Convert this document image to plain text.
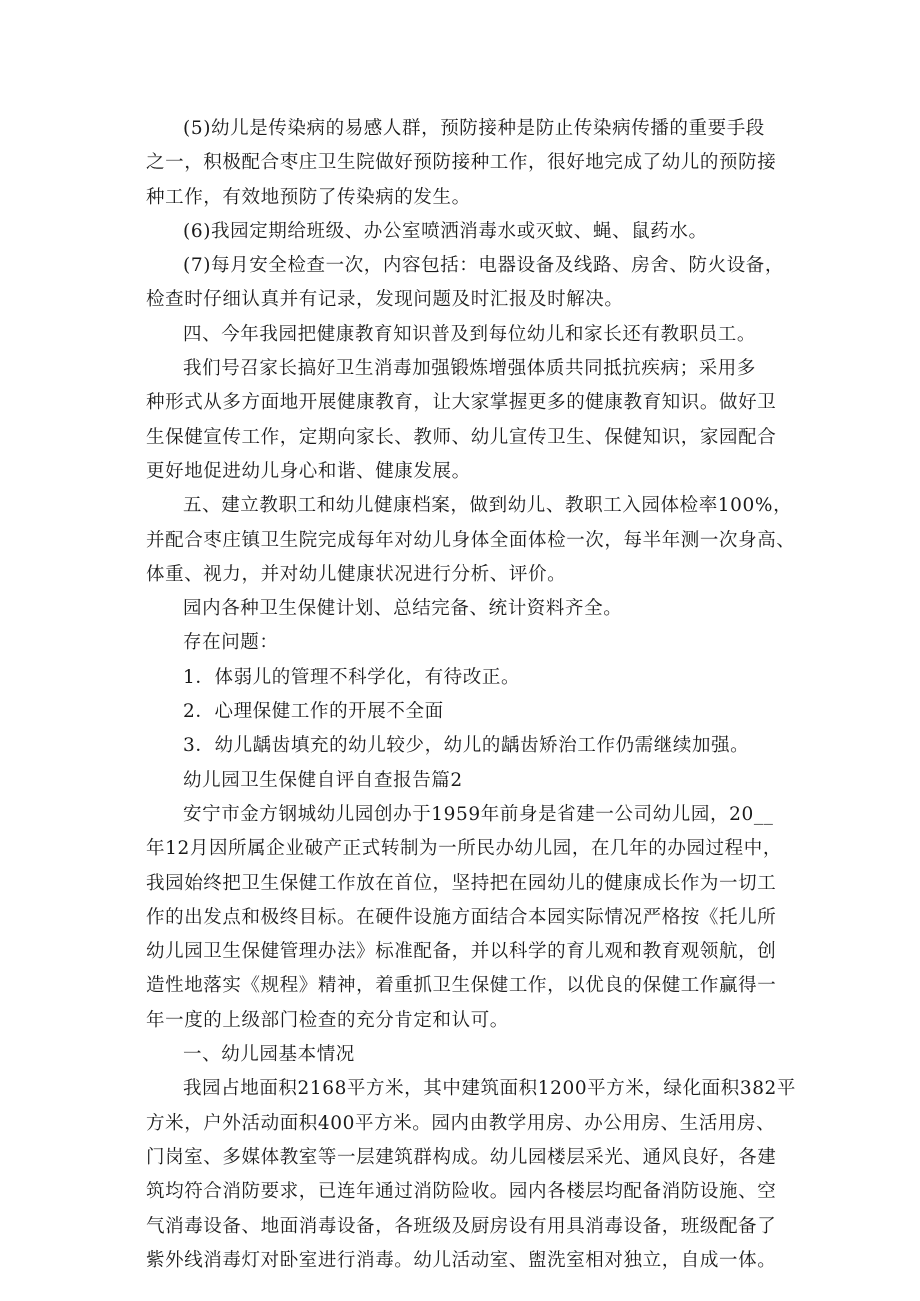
(5)幼儿是传染病的易感人群，预防接种是防止传染病传播的重要手段
之一，积极配合枣庄卫生院做好预防接种工作，很好地完成了幼儿的预防接
种工作，有效地预防了传染病的发生。
(6)我园定期给班级、办公室喷洒消毒水或灭蚊、蝇、鼠药水。
(7)每月安全检查一次，内容包括：电器设备及线路、房舍、防火设备，
检查时仔细认真并有记录，发现问题及时汇报及时解决。
四、今年我园把健康教育知识普及到每位幼儿和家长还有教职员工。
我们号召家长搞好卫生消毒加强锻炼增强体质共同抵抗疾病；采用多
种形式从多方面地开展健康教育，让大家掌握更多的健康教育知识。做好卫
生保健宣传工作，定期向家长、教师、幼儿宣传卫生、保健知识，家园配合
更好地促进幼儿身心和谐、健康发展。
五、建立教职工和幼儿健康档案，做到幼儿、教职工入园体检率100%，
并配合枣庄镇卫生院完成每年对幼儿身体全面体检一次，每半年测一次身高、
体重、视力，并对幼儿健康状况进行分析、评价。
园内各种卫生保健计划、总结完备、统计资料齐全。
存在问题：
1．体弱儿的管理不科学化，有待改正。
2．心理保健工作的开展不全面
3．幼儿龋齿填充的幼儿较少，幼儿的龋齿矫治工作仍需继续加强。
幼儿园卫生保健自评自查报告篇2
安宁市金方钢城幼儿园创办于1959年前身是省建一公司幼儿园，20__
年12月因所属企业破产正式转制为一所民办幼儿园，在几年的办园过程中，
我园始终把卫生保健工作放在首位，坚持把在园幼儿的健康成长作为一切工
作的出发点和极终目标。在硬件设施方面结合本园实际情况严格按《托儿所
幼儿园卫生保健管理办法》标准配备，并以科学的育儿观和教育观领航，创
造性地落实《规程》精神，着重抓卫生保健工作，以优良的保健工作赢得一
年一度的上级部门检查的充分肯定和认可。
一、幼儿园基本情况
我园占地面积2168平方米，其中建筑面积1200平方米，绿化面积382平
方米，户外活动面积400平方米。园内由教学用房、办公用房、生活用房、
门岗室、多媒体教室等一层建筑群构成。幼儿园楼层采光、通风良好，各建
筑均符合消防要求，已连年通过消防险收。园内各楼层均配备消防设施、空
气消毒设备、地面消毒设备，各班级及厨房设有用具消毒设备，班级配备了
紫外线消毒灯对卧室进行消毒。幼儿活动室、盥洗室相对独立，自成一体。
